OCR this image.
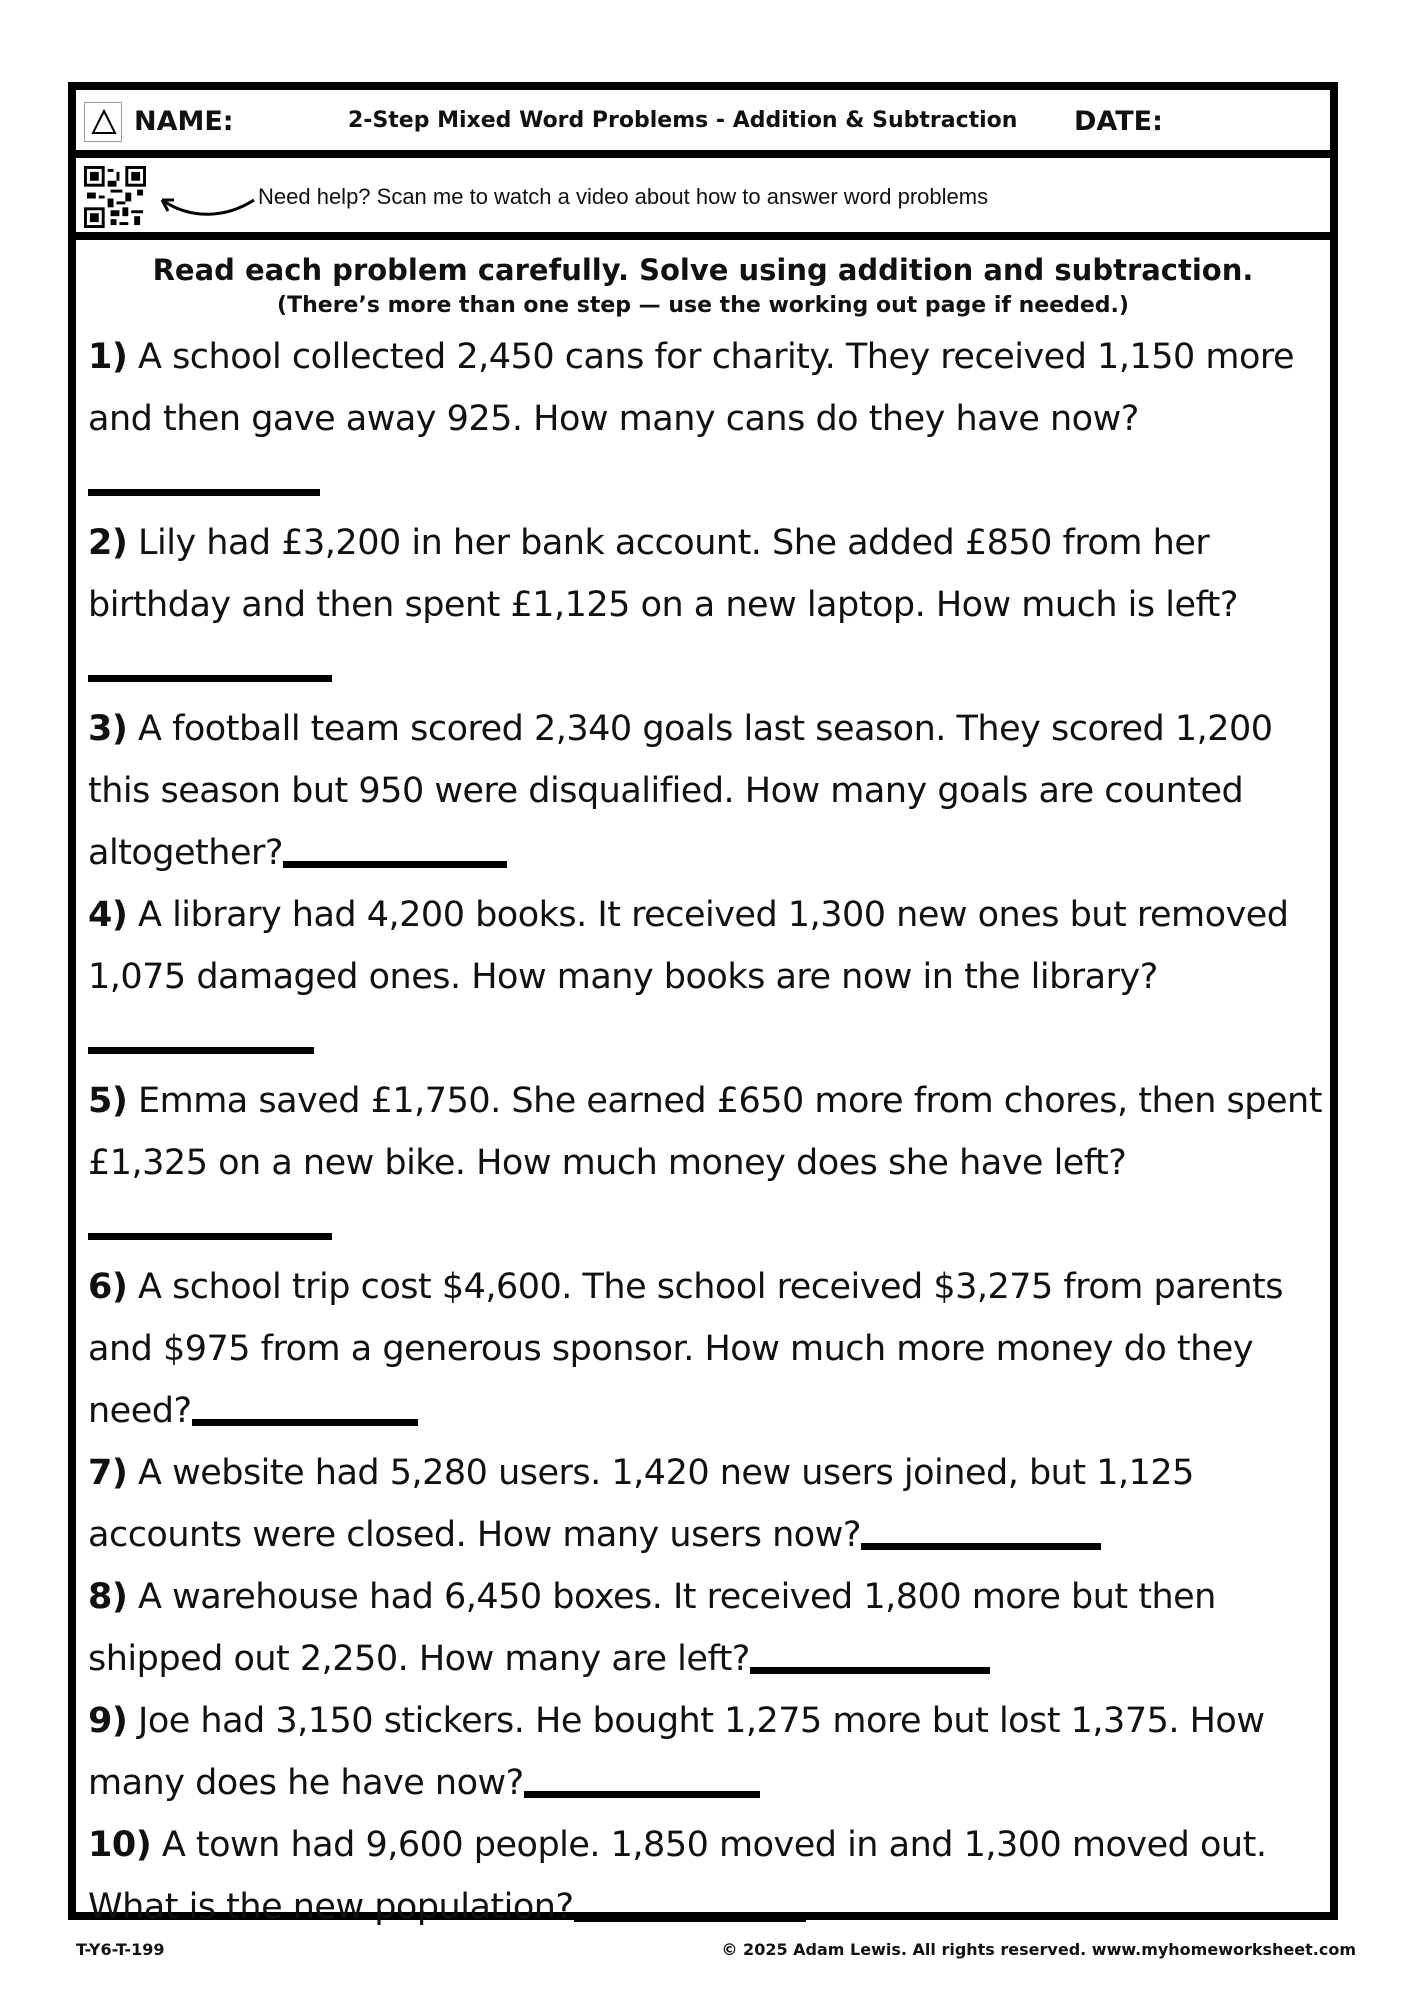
NAME:	2-Step Mixed Word Problems - Addition & Subtraction DATE:
Need help? Scan me to watch a video about how to answer word problems
Read each problem carefully. Solve using addition and subtraction.
(There’s more than one step — use the working out page if needed.)

1) A school collected 2,450 cans for charity. They received 1,150 more and then gave away 925. How many cans do they have now?

2) Lily had £3,200 in her bank account. She added £850 from her birthday and then spent £1,125 on a new laptop. How much is left?

3) A football team scored 2,340 goals last season. They scored 1,200 this season but 950 were disqualified. How many goals are counted altogether?

4) A library had 4,200 books. It received 1,300 new ones but removed 1,075 damaged ones. How many books are now in the library?

5) Emma saved £1,750. She earned £650 more from chores, then spent £1,325 on a new bike. How much money does she have left?

6) A school trip cost $4,600. The school received $3,275 from parents and $975 from a generous sponsor. How much more money do they need?

7) A website had 5,280 users. 1,420 new users joined, but 1,125 accounts were closed. How many users now?

8) A warehouse had 6,450 boxes. It received 1,800 more but then shipped out 2,250. How many are left?

9) Joe had 3,150 stickers. He bought 1,275 more but lost 1,375. How many does he have now?

10) A town had 9,600 people. 1,850 moved in and 1,300 moved out. What is the new population?

T-Y6-T-199	© 2025 Adam Lewis. All rights reserved. www.myhomeworksheet.com
